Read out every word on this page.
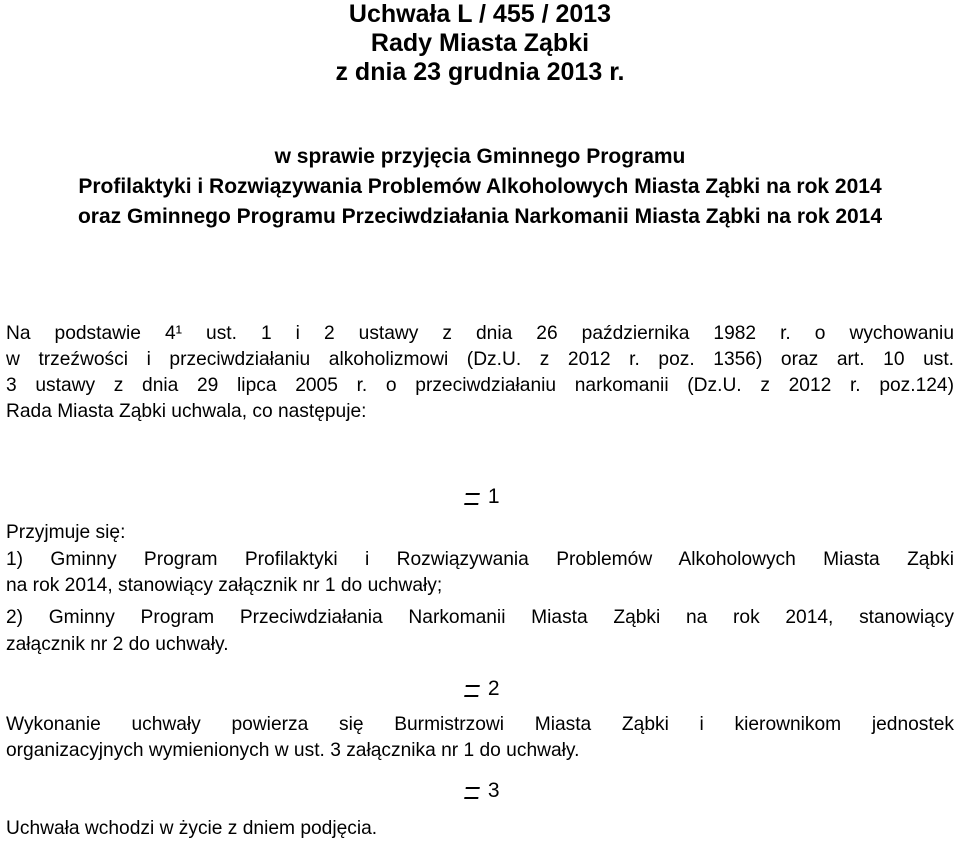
Uchwała L / 455 / 2013
Rady Miasta Ząbki
z dnia 23 grudnia 2013 r.
w sprawie przyjęcia Gminnego Programu
Profilaktyki i Rozwiązywania Problemów Alkoholowych Miasta Ząbki na rok 2014
oraz Gminnego Programu Przeciwdziałania Narkomanii Miasta Ząbki na rok 2014
Na podstawie 4¹ ust. 1 i 2 ustawy z dnia 26 października 1982 r. o wychowaniu
w trzeźwości i przeciwdziałaniu alkoholizmowi (Dz.U. z 2012 r. poz. 1356) oraz art. 10 ust.
3 ustawy z dnia 29 lipca 2005 r. o przeciwdziałaniu narkomanii (Dz.U. z 2012 r. poz.124)
Rada Miasta Ząbki uchwala, co następuje:
1
Przyjmuje się:
1) Gminny Program Profilaktyki i Rozwiązywania Problemów Alkoholowych Miasta Ząbki
na rok 2014, stanowiący załącznik nr 1 do uchwały;
2) Gminny Program Przeciwdziałania Narkomanii Miasta Ząbki na rok 2014, stanowiący
załącznik nr 2 do uchwały.
2
Wykonanie uchwały powierza się Burmistrzowi Miasta Ząbki i kierownikom jednostek
organizacyjnych wymienionych w ust. 3 załącznika nr 1 do uchwały.
3
Uchwała wchodzi w życie z dniem podjęcia.
